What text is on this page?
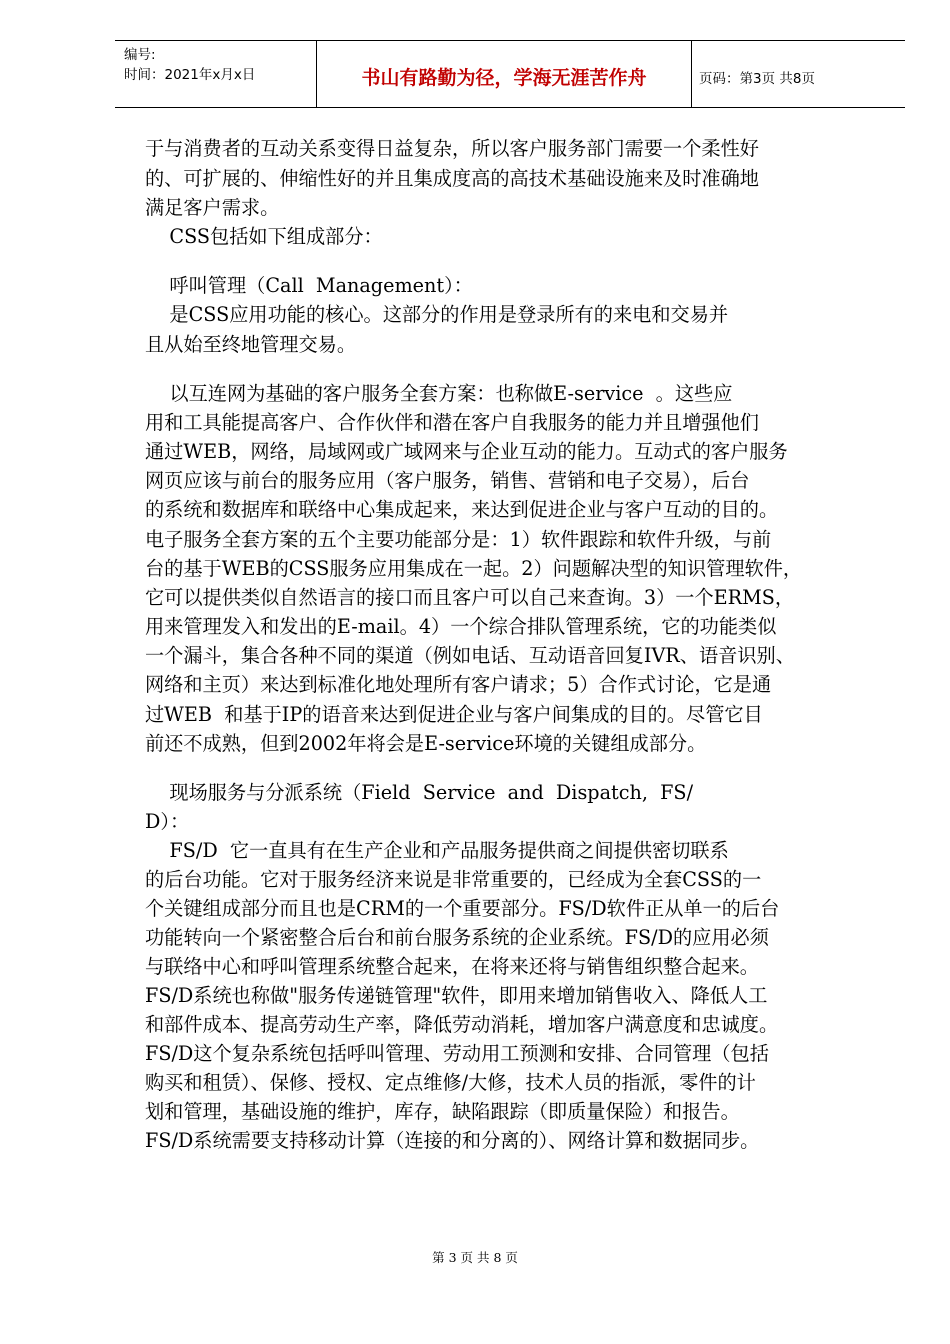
编号:
时间：2021年x月x日	书山有路勤为径，学海无涯苦作舟	页码：第3页 共8页
于与消费者的互动关系变得日益复杂，所以客户服务部门需要一个柔性好
的、可扩展的、伸缩性好的并且集成度高的高技术基础设施来及时准确地
满足客户需求。
CSS包括如下组成部分：
呼叫管理（Call  Management）：
是CSS应用功能的核心。这部分的作用是登录所有的来电和交易并
且从始至终地管理交易。
以互连网为基础的客户服务全套方案：也称做E-service  。这些应
用和工具能提高客户、合作伙伴和潜在客户自我服务的能力并且增强他们
通过WEB，网络，局域网或广域网来与企业互动的能力。互动式的客户服务
网页应该与前台的服务应用（客户服务，销售、营销和电子交易），后台
的系统和数据库和联络中心集成起来，来达到促进企业与客户互动的目的。
电子服务全套方案的五个主要功能部分是：1）软件跟踪和软件升级，与前
台的基于WEB的CSS服务应用集成在一起。2）问题解决型的知识管理软件，
它可以提供类似自然语言的接口而且客户可以自己来查询。3）一个ERMS，
用来管理发入和发出的E-mail。4）一个综合排队管理系统，它的功能类似
一个漏斗，集合各种不同的渠道（例如电话、互动语音回复IVR、语音识别、
网络和主页）来达到标准化地处理所有客户请求；5）合作式讨论，它是通
过WEB  和基于IP的语音来达到促进企业与客户间集成的目的。尽管它目
前还不成熟，但到2002年将会是E-service环境的关键组成部分。
现场服务与分派系统（Field  Service  and  Dispatch,  FS/
D）：
FS/D  它一直具有在生产企业和产品服务提供商之间提供密切联系
的后台功能。它对于服务经济来说是非常重要的，已经成为全套CSS的一
个关键组成部分而且也是CRM的一个重要部分。FS/D软件正从单一的后台
功能转向一个紧密整合后台和前台服务系统的企业系统。FS/D的应用必须
与联络中心和呼叫管理系统整合起来，在将来还将与销售组织整合起来。
FS/D系统也称做"服务传递链管理"软件，即用来增加销售收入、降低人工
和部件成本、提高劳动生产率，降低劳动消耗，增加客户满意度和忠诚度。
FS/D这个复杂系统包括呼叫管理、劳动用工预测和安排、合同管理（包括
购买和租赁）、保修、授权、定点维修/大修，技术人员的指派，零件的计
划和管理，基础设施的维护，库存，缺陷跟踪（即质量保险）和报告。
FS/D系统需要支持移动计算（连接的和分离的）、网络计算和数据同步。
第 3 页 共 8 页
